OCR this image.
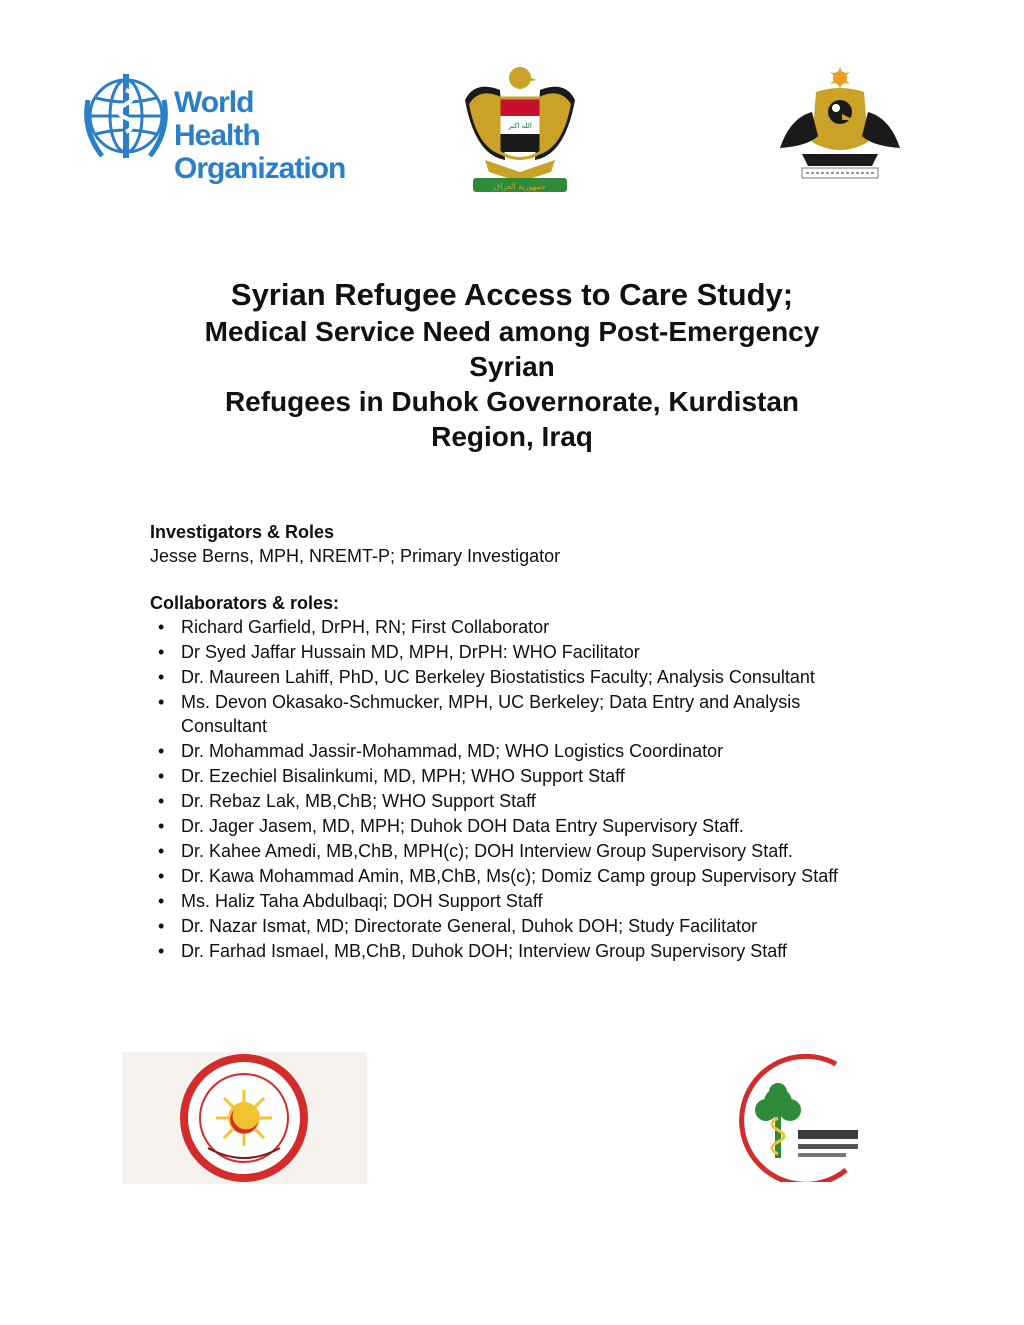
World Health
Organization
الله اكبر
جمهورية العراق
Syrian Refugee Access to Care Study;
Medical Service Need among Post-Emergency
Syrian
Refugees in Duhok Governorate, Kurdistan
Region, Iraq
Investigators & Roles
Jesse Berns, MPH, NREMT-P; Primary Investigator
Collaborators & roles:
• Richard Garfield, DrPH, RN; First Collaborator
• Dr Syed Jaffar Hussain MD, MPH, DrPH: WHO Facilitator
• Dr. Maureen Lahiff, PhD, UC Berkeley Biostatistics Faculty; Analysis Consultant
• Ms. Devon Okasako-Schmucker, MPH, UC Berkeley; Data Entry and Analysis Consultant
• Dr. Mohammad Jassir-Mohammad, MD; WHO Logistics Coordinator
• Dr. Ezechiel Bisalinkumi, MD, MPH; WHO Support Staff
• Dr. Rebaz Lak, MB,ChB; WHO Support Staff
• Dr. Jager Jasem, MD, MPH; Duhok DOH Data Entry Supervisory Staff.
• Dr. Kahee Amedi, MB,ChB, MPH(c); DOH Interview Group Supervisory Staff.
• Dr. Kawa Mohammad Amin, MB,ChB, Ms(c); Domiz Camp group Supervisory Staff
• Ms. Haliz Taha Abdulbaqi; DOH Support Staff
• Dr. Nazar Ismat, MD; Directorate General, Duhok DOH; Study Facilitator
• Dr. Farhad Ismael, MB,ChB, Duhok DOH; Interview Group Supervisory Staff
